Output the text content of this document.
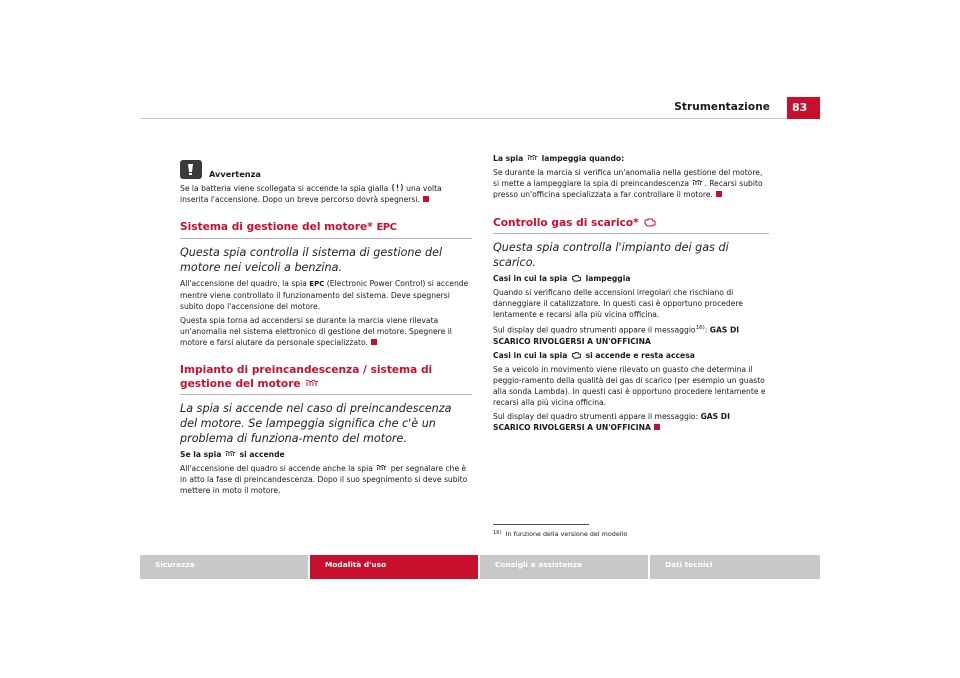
Strumentazione	83
Avvertenza

Se la batteria viene scollegata si accende la spia gialla una volta inserita l'accensione. Dopo un breve percorso dovrà spegnersi.

Sistema di gestione del motore* EPC

Questa spia controlla il sistema di gestione del motore nei veicoli a benzina.

All'accensione del quadro, la spia EPC (Electronic Power Control) si accende mentre viene controllato il funzionamento del sistema. Deve spegnersi subito dopo l'accensione del motore.

Questa spia torna ad accendersi se durante la marcia viene rilevata un'anomalia nel sistema elettronico di gestione del motore. Spegnere il motore e farsi aiutare da personale specializzato.

Impianto di preincandescenza / sistema di gestione del motore

La spia si accende nel caso di preincandescenza del motore. Se lampeggia significa che c'è un problema di funziona-mento del motore.

Se la spia si accende

All'accensione del quadro si accende anche la spia per segnalare che è in atto la fase di preincandescenza. Dopo il suo spegnimento si deve subito mettere in moto il motore.

La spia lampeggia quando:

Se durante la marcia si verifica un'anomalia nella gestione del motore, si mette a lampeggiare la spia di preincandescenza . Recarsi subito presso un'officina specializzata a far controllare il motore.

Controllo gas di scarico*

Questa spia controlla l'impianto dei gas di scarico.

Casi in cui la spia lampeggia

Quando si verificano delle accensioni irregolari che rischiano di danneggiare il catalizzatore. In questi casi è opportuno procedere lentamente e recarsi alla più vicina officina.

Sul display del quadro strumenti appare il messaggio$^{16)}$: GAS DI SCARICO RIVOLGERSI A UN'OFFICINA

Casi in cui la spia si accende e resta accesa

Se a veicolo in movimento viene rilevato un guasto che determina il peggio-ramento della qualità dei gas di scarico (per esempio un guasto alla sonda Lambda). In questi casi è opportuno procedere lentamente e recarsi alla più vicina officina.

Sul display del quadro strumenti appare il messaggio: GAS DI SCARICO RIVOLGERSI A UN'OFFICINA

$^{16)}$ In funzione della versione del modello
Sicurezza	Modalità d'uso	Consigli e assistenza	Dati tecnici
